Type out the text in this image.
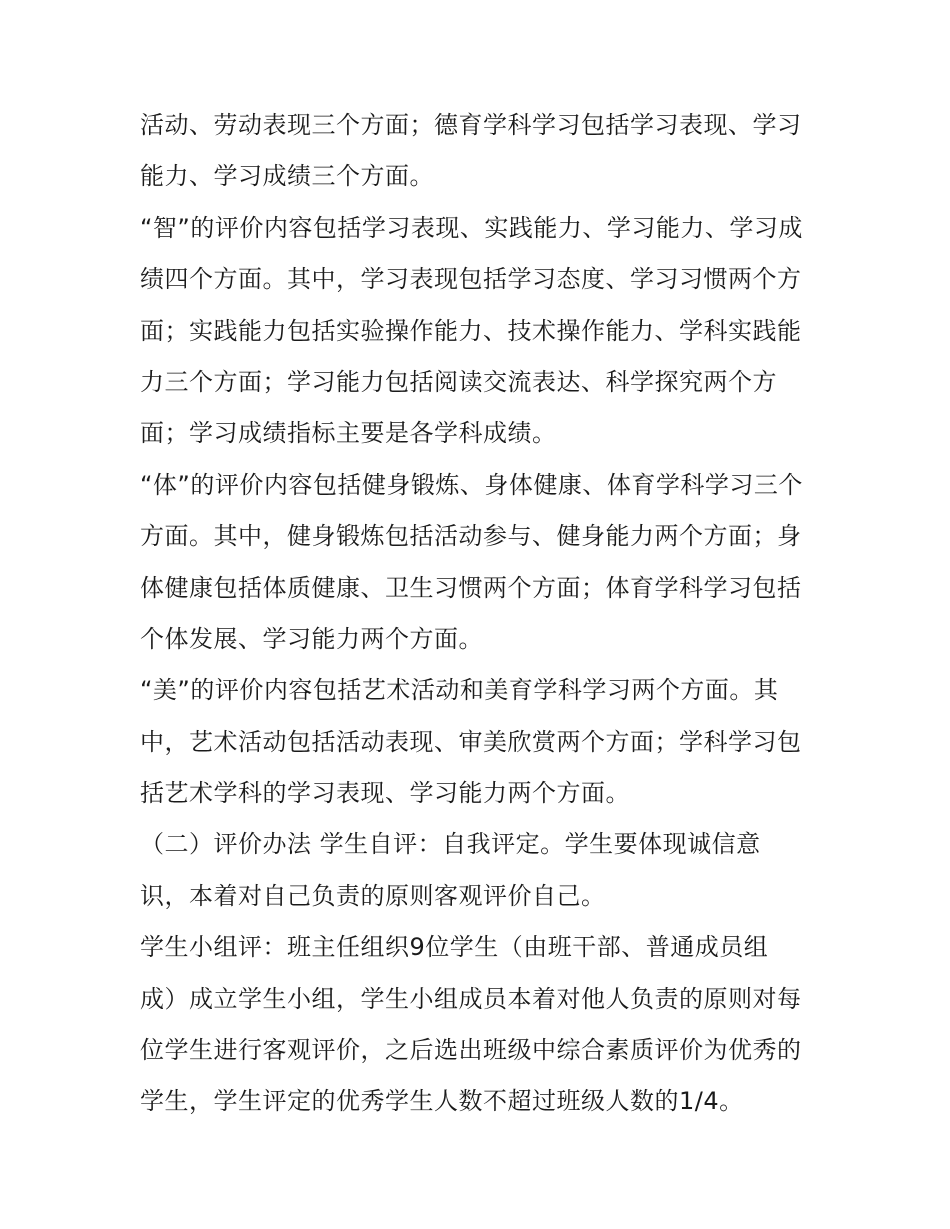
活动、劳动表现三个方面；德育学科学习包括学习表现、学习
能力、学习成绩三个方面。
“智”的评价内容包括学习表现、实践能力、学习能力、学习成
绩四个方面。其中，学习表现包括学习态度、学习习惯两个方
面；实践能力包括实验操作能力、技术操作能力、学科实践能
力三个方面；学习能力包括阅读交流表达、科学探究两个方
面；学习成绩指标主要是各学科成绩。
“体”的评价内容包括健身锻炼、身体健康、体育学科学习三个
方面。其中，健身锻炼包括活动参与、健身能力两个方面；身
体健康包括体质健康、卫生习惯两个方面；体育学科学习包括
个体发展、学习能力两个方面。
“美”的评价内容包括艺术活动和美育学科学习两个方面。其
中，艺术活动包括活动表现、审美欣赏两个方面；学科学习包
括艺术学科的学习表现、学习能力两个方面。
（二）评价办法 学生自评：自我评定。学生要体现诚信意
识，本着对自己负责的原则客观评价自己。
学生小组评：班主任组织9位学生（由班干部、普通成员组
成）成立学生小组，学生小组成员本着对他人负责的原则对每
位学生进行客观评价，之后选出班级中综合素质评价为优秀的
学生，学生评定的优秀学生人数不超过班级人数的1/4。
